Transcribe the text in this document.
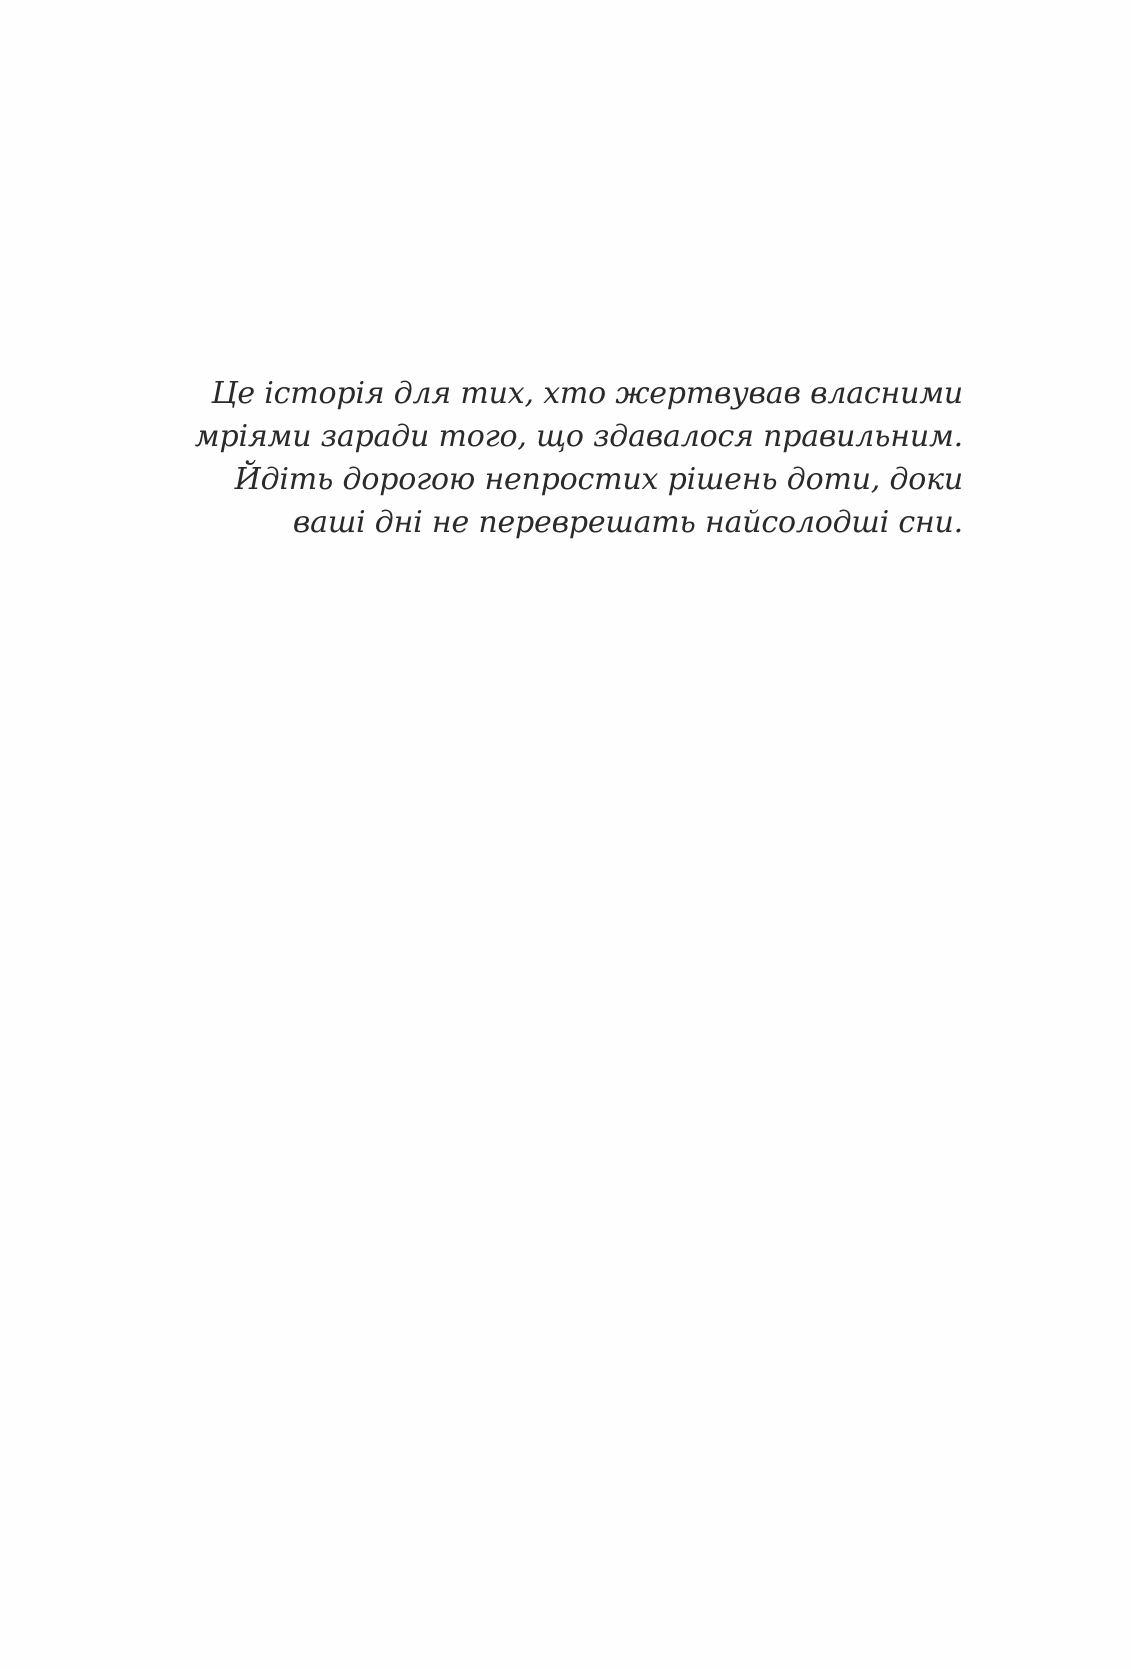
Це історія для тих, хто жертвував власними
мріями заради того, що здавалося правильним.
Йдіть дорогою непростих рішень доти, доки
ваші дні не переврешать найсолодші сни.
